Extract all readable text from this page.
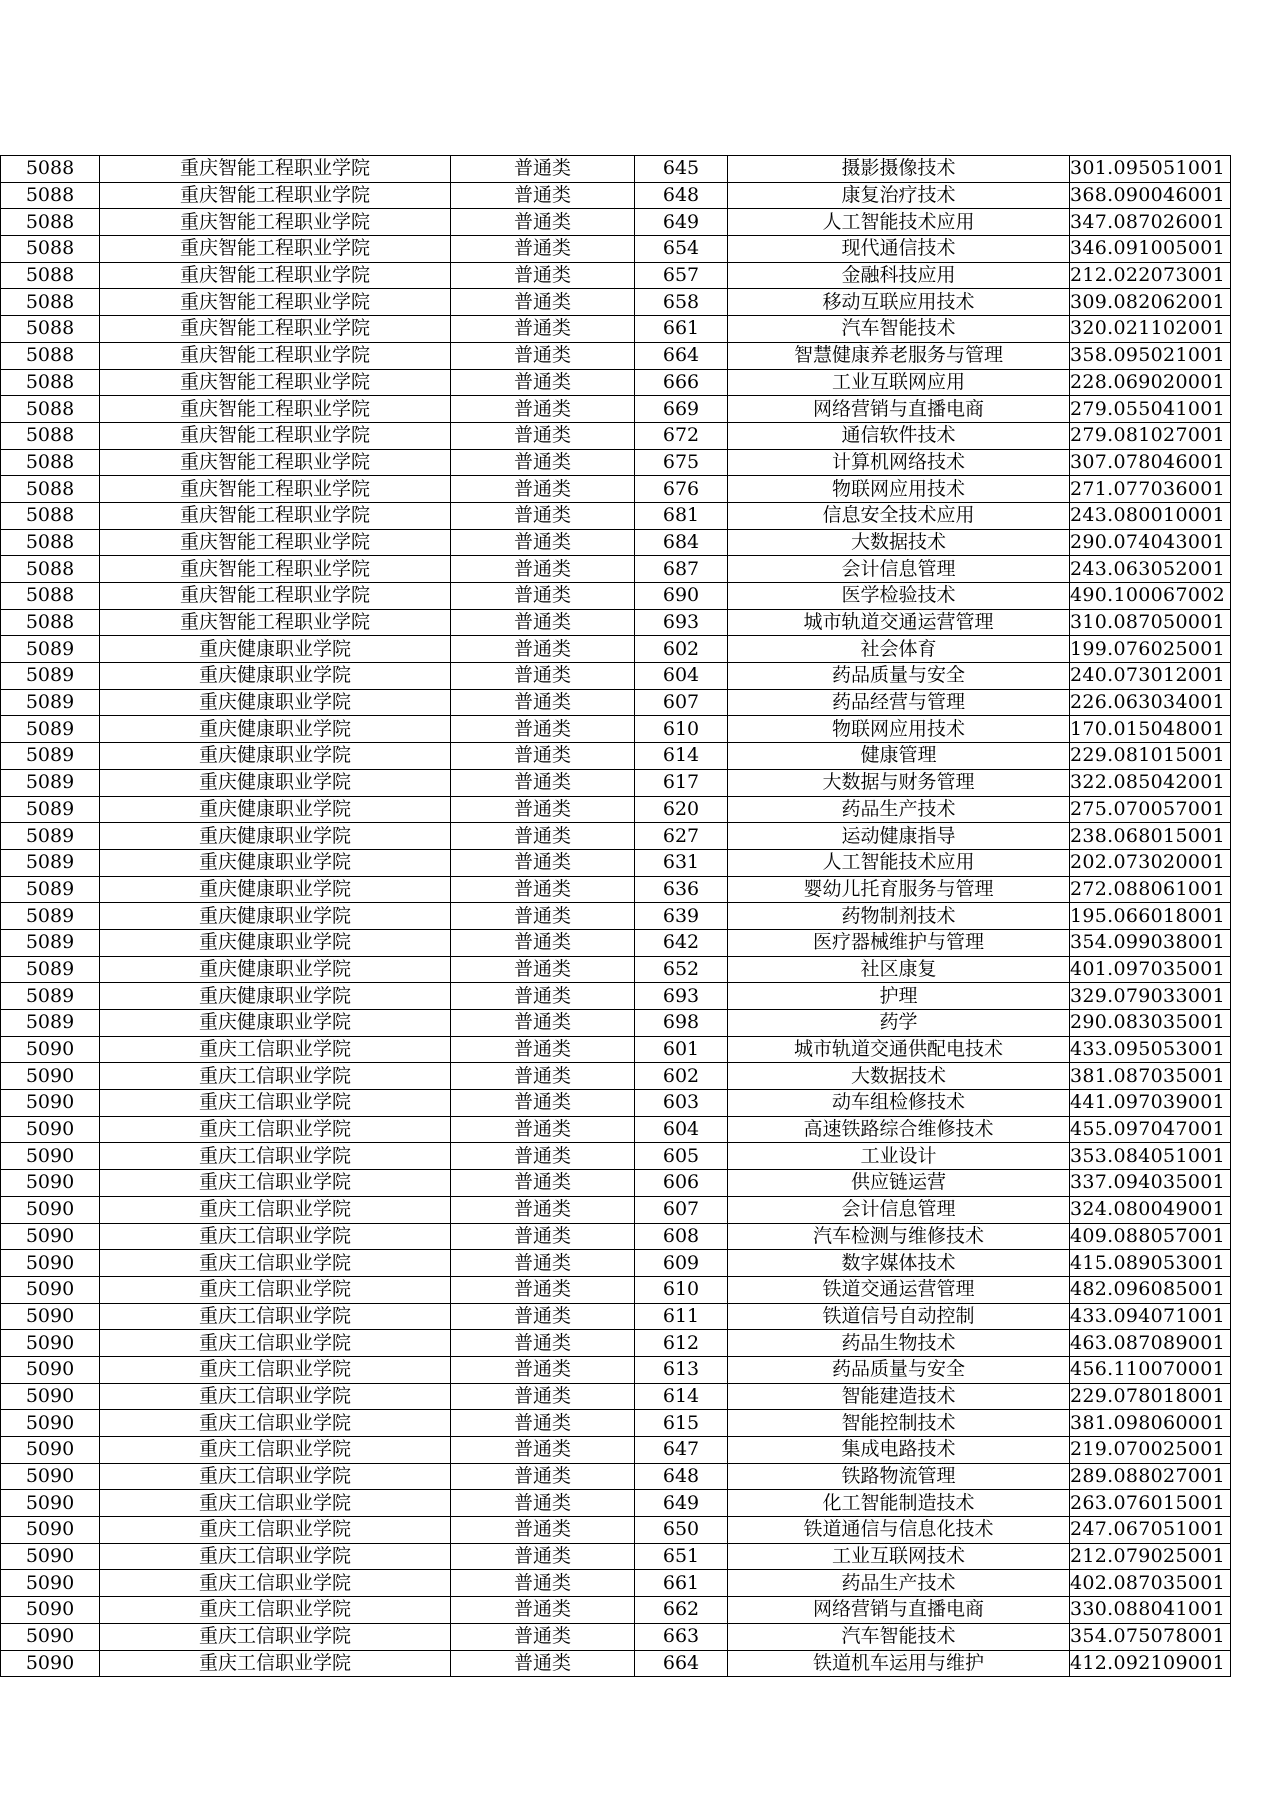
5088	重庆智能工程职业学院	普通类	645	摄影摄像技术	301.095051001
5088	重庆智能工程职业学院	普通类	648	康复治疗技术	368.090046001
5088	重庆智能工程职业学院	普通类	649	人工智能技术应用	347.087026001
5088	重庆智能工程职业学院	普通类	654	现代通信技术	346.091005001
5088	重庆智能工程职业学院	普通类	657	金融科技应用	212.022073001
5088	重庆智能工程职业学院	普通类	658	移动互联应用技术	309.082062001
5088	重庆智能工程职业学院	普通类	661	汽车智能技术	320.021102001
5088	重庆智能工程职业学院	普通类	664	智慧健康养老服务与管理	358.095021001
5088	重庆智能工程职业学院	普通类	666	工业互联网应用	228.069020001
5088	重庆智能工程职业学院	普通类	669	网络营销与直播电商	279.055041001
5088	重庆智能工程职业学院	普通类	672	通信软件技术	279.081027001
5088	重庆智能工程职业学院	普通类	675	计算机网络技术	307.078046001
5088	重庆智能工程职业学院	普通类	676	物联网应用技术	271.077036001
5088	重庆智能工程职业学院	普通类	681	信息安全技术应用	243.080010001
5088	重庆智能工程职业学院	普通类	684	大数据技术	290.074043001
5088	重庆智能工程职业学院	普通类	687	会计信息管理	243.063052001
5088	重庆智能工程职业学院	普通类	690	医学检验技术	490.100067002
5088	重庆智能工程职业学院	普通类	693	城市轨道交通运营管理	310.087050001
5089	重庆健康职业学院	普通类	602	社会体育	199.076025001
5089	重庆健康职业学院	普通类	604	药品质量与安全	240.073012001
5089	重庆健康职业学院	普通类	607	药品经营与管理	226.063034001
5089	重庆健康职业学院	普通类	610	物联网应用技术	170.015048001
5089	重庆健康职业学院	普通类	614	健康管理	229.081015001
5089	重庆健康职业学院	普通类	617	大数据与财务管理	322.085042001
5089	重庆健康职业学院	普通类	620	药品生产技术	275.070057001
5089	重庆健康职业学院	普通类	627	运动健康指导	238.068015001
5089	重庆健康职业学院	普通类	631	人工智能技术应用	202.073020001
5089	重庆健康职业学院	普通类	636	婴幼儿托育服务与管理	272.088061001
5089	重庆健康职业学院	普通类	639	药物制剂技术	195.066018001
5089	重庆健康职业学院	普通类	642	医疗器械维护与管理	354.099038001
5089	重庆健康职业学院	普通类	652	社区康复	401.097035001
5089	重庆健康职业学院	普通类	693	护理	329.079033001
5089	重庆健康职业学院	普通类	698	药学	290.083035001
5090	重庆工信职业学院	普通类	601	城市轨道交通供配电技术	433.095053001
5090	重庆工信职业学院	普通类	602	大数据技术	381.087035001
5090	重庆工信职业学院	普通类	603	动车组检修技术	441.097039001
5090	重庆工信职业学院	普通类	604	高速铁路综合维修技术	455.097047001
5090	重庆工信职业学院	普通类	605	工业设计	353.084051001
5090	重庆工信职业学院	普通类	606	供应链运营	337.094035001
5090	重庆工信职业学院	普通类	607	会计信息管理	324.080049001
5090	重庆工信职业学院	普通类	608	汽车检测与维修技术	409.088057001
5090	重庆工信职业学院	普通类	609	数字媒体技术	415.089053001
5090	重庆工信职业学院	普通类	610	铁道交通运营管理	482.096085001
5090	重庆工信职业学院	普通类	611	铁道信号自动控制	433.094071001
5090	重庆工信职业学院	普通类	612	药品生物技术	463.087089001
5090	重庆工信职业学院	普通类	613	药品质量与安全	456.110070001
5090	重庆工信职业学院	普通类	614	智能建造技术	229.078018001
5090	重庆工信职业学院	普通类	615	智能控制技术	381.098060001
5090	重庆工信职业学院	普通类	647	集成电路技术	219.070025001
5090	重庆工信职业学院	普通类	648	铁路物流管理	289.088027001
5090	重庆工信职业学院	普通类	649	化工智能制造技术	263.076015001
5090	重庆工信职业学院	普通类	650	铁道通信与信息化技术	247.067051001
5090	重庆工信职业学院	普通类	651	工业互联网技术	212.079025001
5090	重庆工信职业学院	普通类	661	药品生产技术	402.087035001
5090	重庆工信职业学院	普通类	662	网络营销与直播电商	330.088041001
5090	重庆工信职业学院	普通类	663	汽车智能技术	354.075078001
5090	重庆工信职业学院	普通类	664	铁道机车运用与维护	412.092109001
